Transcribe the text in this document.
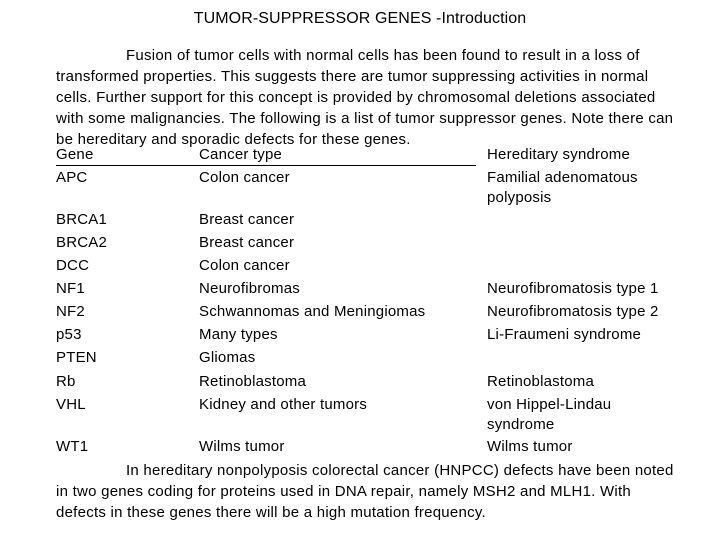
TUMOR-SUPPRESSOR GENES -Introduction
Fusion of tumor cells with normal cells has been found to result in a loss of transformed properties. This suggests there are tumor suppressing activities in normal cells. Further support for this concept is provided by chromosomal deletions associated with some malignancies. The following is a list of tumor suppressor genes. Note there can be hereditary and sporadic defects for these genes.
Gene	Cancer type	Hereditary syndrome
APC	Colon cancer	Familial adenomatous
polyposis
BRCA1	Breast cancer
BRCA2	Breast cancer
DCC	Colon cancer
NF1	Neurofibromas	Neurofibromatosis type 1
NF2	Schwannomas and Meningiomas	Neurofibromatosis type 2
p53	Many types	Li-Fraumeni syndrome
PTEN	Gliomas
Rb	Retinoblastoma	Retinoblastoma
VHL	Kidney and other tumors	von Hippel-Lindau
syndrome
WT1	Wilms tumor	Wilms tumor
In hereditary nonpolyposis colorectal cancer (HNPCC) defects have been noted in two genes coding for proteins used in DNA repair, namely MSH2 and MLH1. With defects in these genes there will be a high mutation frequency.
